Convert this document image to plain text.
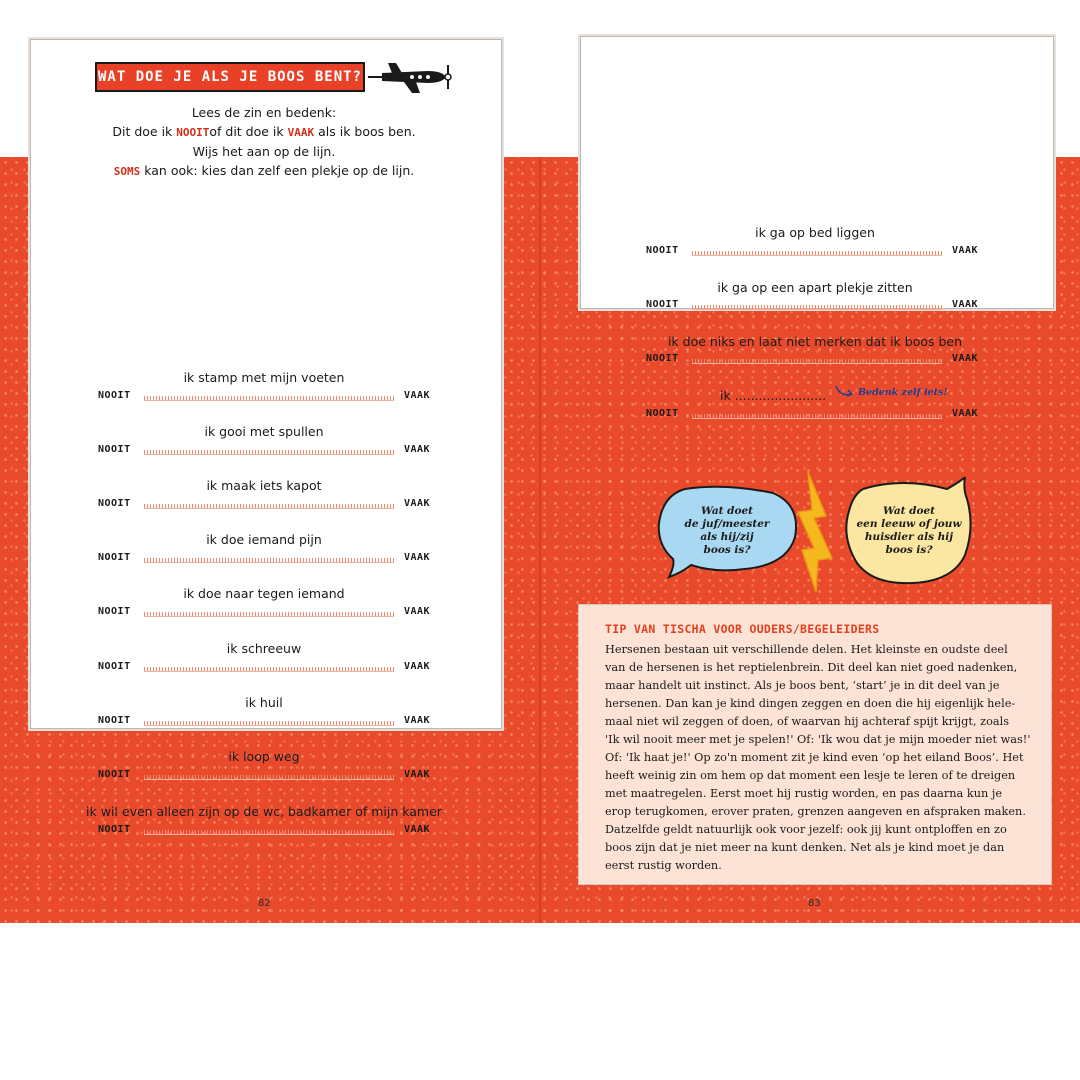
WAT DOE JE ALS JE BOOS BENT?
Lees de zin en bedenk:
Dit doe ik NOOITof dit doe ik VAAK als ik boos ben.
Wijs het aan op de lijn.
SOMS kan ook: kies dan zelf een plekje op de lijn.
ik stamp met mijn voeten
NOOIT	VAAK
ik gooi met spullen
NOOIT	VAAK
ik maak iets kapot
NOOIT	VAAK
ik doe iemand pijn
NOOIT	VAAK
ik doe naar tegen iemand
NOOIT	VAAK
ik schreeuw
NOOIT	VAAK
ik huil
NOOIT	VAAK
ik loop weg
NOOIT	VAAK
ik wil even alleen zijn op de wc, badkamer of mijn kamer
NOOIT	VAAK
82
ik ga op bed liggen
NOOIT	VAAK
ik ga op een apart plekje zitten
NOOIT	VAAK
ik doe niks en laat niet merken dat ik boos ben
NOOIT	VAAK
ik .......................	Bedenk zelf iets!
NOOIT	VAAK
Wat doet
de juf/meester
als hij/zij
boos is?
Wat doet
een leeuw of jouw
huisdier als hij
boos is?
TIP VAN TISCHA VOOR OUDERS/BEGELEIDERS
Hersenen bestaan uit verschillende delen. Het kleinste en oudste deel
van de hersenen is het reptielenbrein. Dit deel kan niet goed nadenken,
maar handelt uit instinct. Als je boos bent, ‘start’ je in dit deel van je
hersenen. Dan kan je kind dingen zeggen en doen die hij eigenlijk hele-
maal niet wil zeggen of doen, of waarvan hij achteraf spijt krijgt, zoals
'Ik wil nooit meer met je spelen!' Of: 'Ik wou dat je mijn moeder niet was!'
Of: 'Ik haat je!' Op zo'n moment zit je kind even ‘op het eiland Boos’. Het
heeft weinig zin om hem op dat moment een lesje te leren of te dreigen
met maatregelen. Eerst moet hij rustig worden, en pas daarna kun je
erop terugkomen, erover praten, grenzen aangeven en afspraken maken.
Datzelfde geldt natuurlijk ook voor jezelf: ook jij kunt ontploffen en zo
boos zijn dat je niet meer na kunt denken. Net als je kind moet je dan
eerst rustig worden.
83
